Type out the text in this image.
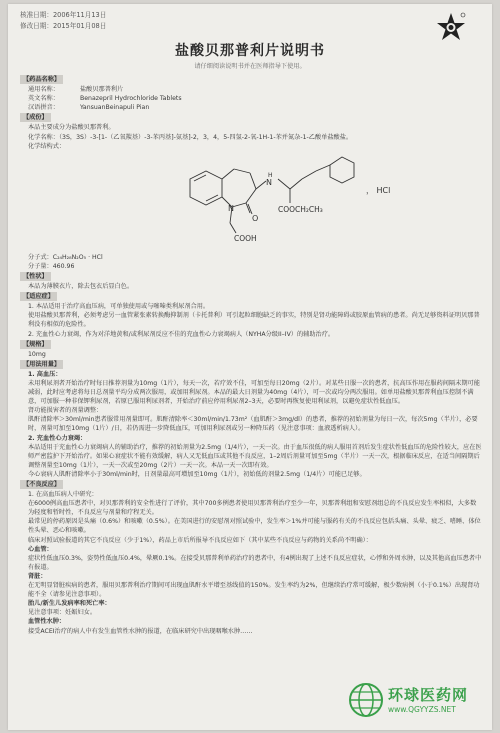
核准日期：2006年11月13日
修改日期：2015年01月08日
盐酸贝那普利片说明书
请仔细阅读说明书并在医师指导下使用。
【药品名称】
通用名称：	盐酸贝那普利片
英文名称：	Benazepril Hydrochloride Tablets
汉语拼音：	YansuanBeinapuli Pian
【成份】
本品主要成分为盐酸贝那普利。
化学名称：（3S，3S）-3-[1-（乙氧羰基）-3-苯丙基]-氨基]-2，3，4，5-四氢-2-氧-1H-1-苯并氮杂-1-乙酸单盐酸盐。
化学结构式：
N
H
N
O
COOCH₂CH₃
COOH
， HCl
分子式：C₂₄H₂₈N₂O₅ · HCl
分子量：460.96
【性状】
本品为薄膜衣片，除去包衣后显白色。
【适应症】
1. 本品适用于治疗高血压病，可单独使用或与噻嗪类利尿剂合用。
使用盐酸贝那普利，必须考虑另一血管紧张素转换酶抑制剂（卡托普利）可引起粒细胞缺乏的事实，特别是肾功能障碍或胶原血管病的患者。尚无足够资料证明贝那普利没有相似的危险性。
2. 充血性心力衰竭，作为对洋地黄和/或利尿剂反应不佳的充血性心力衰竭病人（NYHA分级II–IV）的辅助治疗。
【规格】
10mg
【用法用量】
1. 高血压：
未用利尿剂者开始治疗时每日推荐剂量为10mg（1片），每天一次，若疗效不佳，可加至每日20mg（2片）。对某些日服一次的患者，抗高压作用在服药间隔末期可能减弱，此时应考虑将每日总剂量平均分成两次服用，或加用利尿剂。本品的最大日剂量为40mg（4片），可一次或均分两次服用。如单用盐酸贝那普利血压控制不满意，可加服一种非保钾利尿剂，若原已服用利尿剂者，开始治疗前应停用利尿剂2–3天，必要时再恢复使用利尿剂，以避免症状性低血压。
肾功能损害者的剂量调整：
肌酐清除率＞30ml/min患者服常用剂量即可。肌酐清除率＜30ml/min/1.73m²（血肌酐＞3mg/dl）的患者，推荐的初始剂量为每日一次，每次5mg（半片），必要时，剂量可加至10mg（1片）/日，若仍需进一步降低血压，可加用利尿剂或另一种降压药（见注意事项：血液透析病人）。
2. 充血性心力衰竭：
本品适用于充血性心力衰竭病人的辅助治疗，推荐的初始剂量为2.5mg（1/4片），一天一次。由于血压很低的病人服用首剂后发生症状性低血压的危险性较大，应在医师严密监护下开始治疗。如果心衰症状不能有效缓解，病人又无低血压或其他不良反应，1–2周后剂量可加至5mg（半片）一天一次，根据临床反应，在适当间隔期后调整剂量至10mg（1片），一天一次或至20mg（2片）一天一次。本品一天一次即有效。
今心衰病人肌酐清除率小于30ml/min时，日剂量最高可增加至10mg（1片），初始低的剂量2.5mg（1/4片）可能已足够。
【不良反应】
1. 在高血压病人中研究：
在6000例高血压患者中，对贝那普利的安全性进行了评价，其中700多例患者使用贝那普利治疗至少一年，贝那普利组和安慰剂组总的不良反应发生率相似，大多数为轻度和暂时性，不良反应与剂量和疗程无关。
最常见的停药原因是头痛（0.6%）和咳嗽（0.5%）。在美国进行的安慰剂对照试验中，发生率＞1%并可能与服药有关的不良反应包括头痛、头晕、疲乏、嗜睡、体位性头晕、恶心和咳嗽。
临床对照试验报道的其它不良反应（少于1%），药品上市后所报导不良反应如下（其中某些不良反应与药物的关系尚不明确）：
心血管：
症状性低血压0.3%，姿势性低血压0.4%，晕厥0.1%。在接受贝那普利单药治疗的患者中，有4例出现了上述不良反应症状，心悸和外周水肿，以及其他高血压患者中有报道。
肾脏：
在无明显肾脏疾病的患者，服用贝那普利治疗期间可出现血肌酐水平增至基线值的150%。发生率约为2%，但继续治疗常可缓解，极少数病例（小于0.1%）出现肾功能不全（请参见注意事项）。
胎儿/新生儿发病率和死亡率：
见注意事项：妊娠妇女。
血管性水肿：
接受ACEI治疗的病人中有发生血管性水肿的报道，在临床研究中出现咽喉水肿……
环球医药网
www.QGYYZS.NET
